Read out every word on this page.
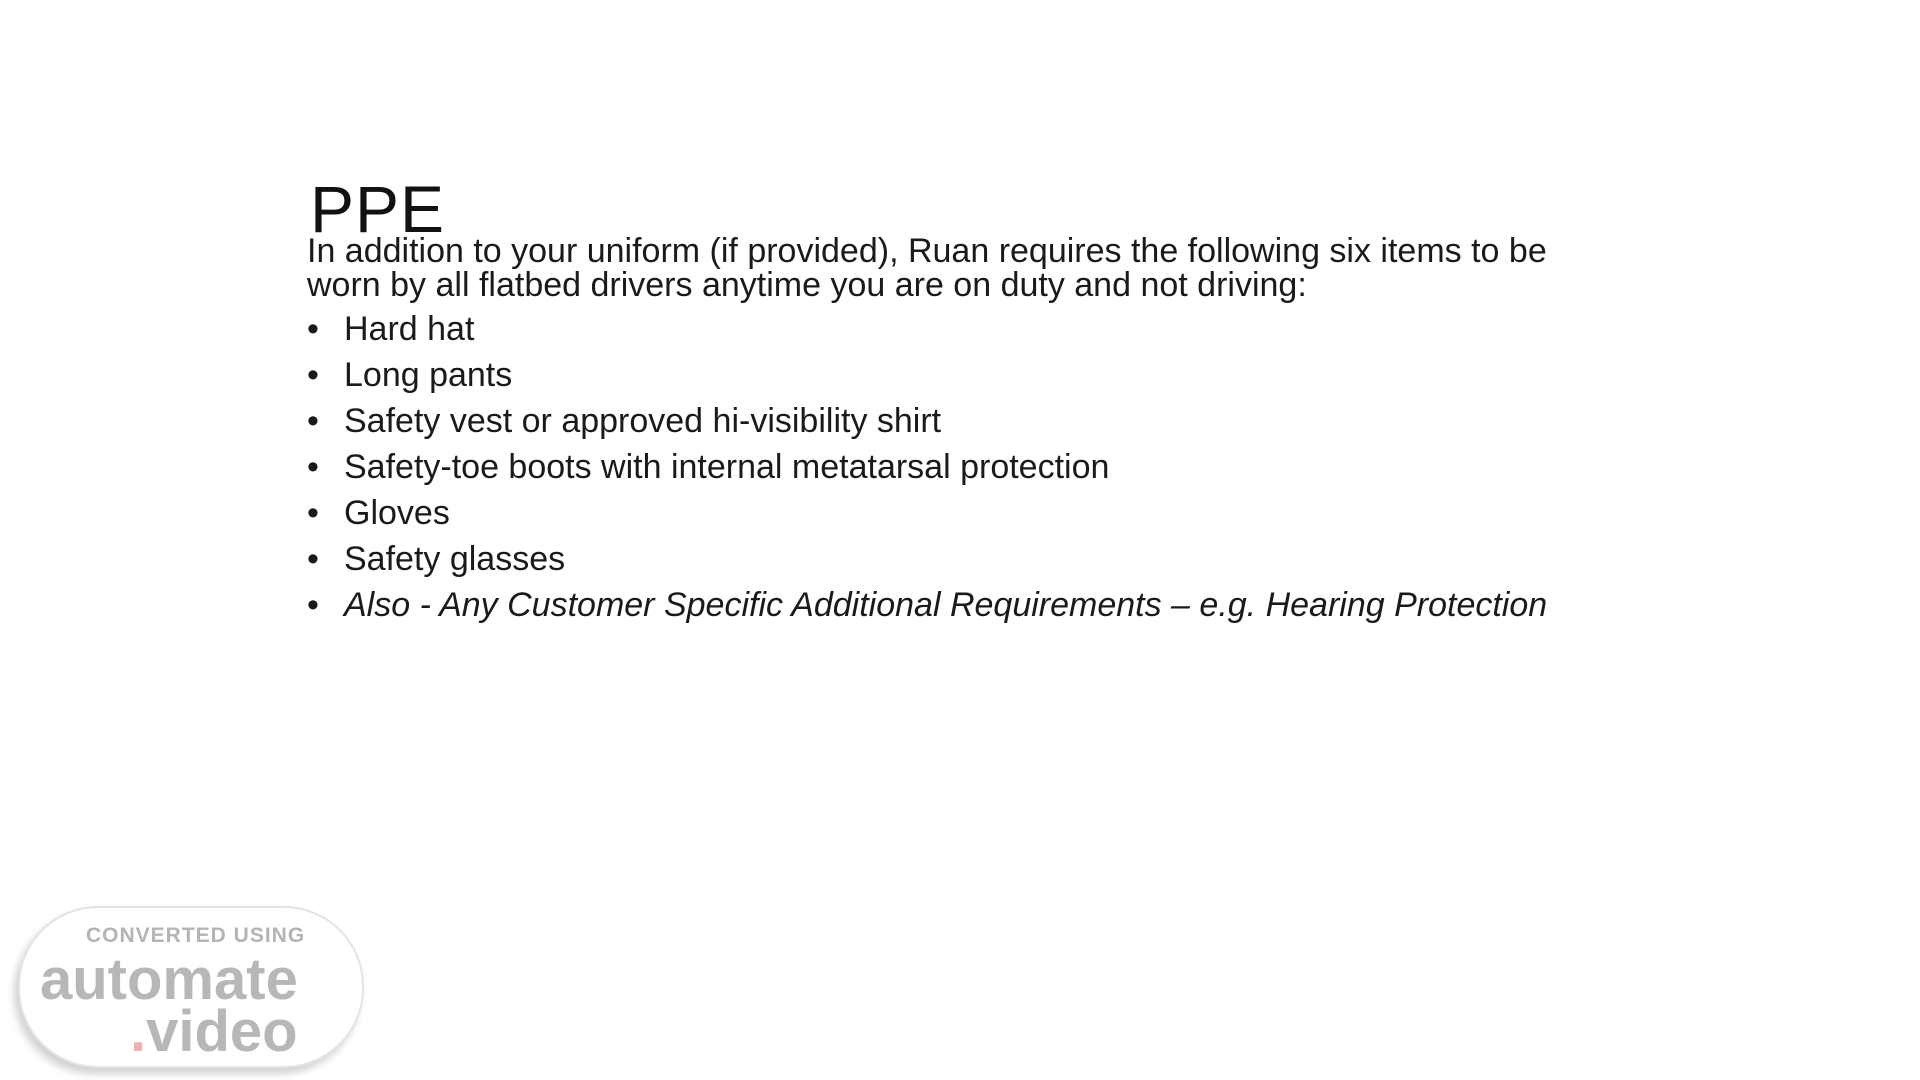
PPE

In addition to your uniform (if provided), Ruan requires the following six items to be worn by all flatbed drivers anytime you are on duty and not driving:

• Hard hat
• Long pants
• Safety vest or approved hi-visibility shirt
• Safety-toe boots with internal metatarsal protection
• Gloves
• Safety glasses
• Also - Any Customer Specific Additional Requirements – e.g. Hearing Protection
CONVERTED USING
automate
.video
